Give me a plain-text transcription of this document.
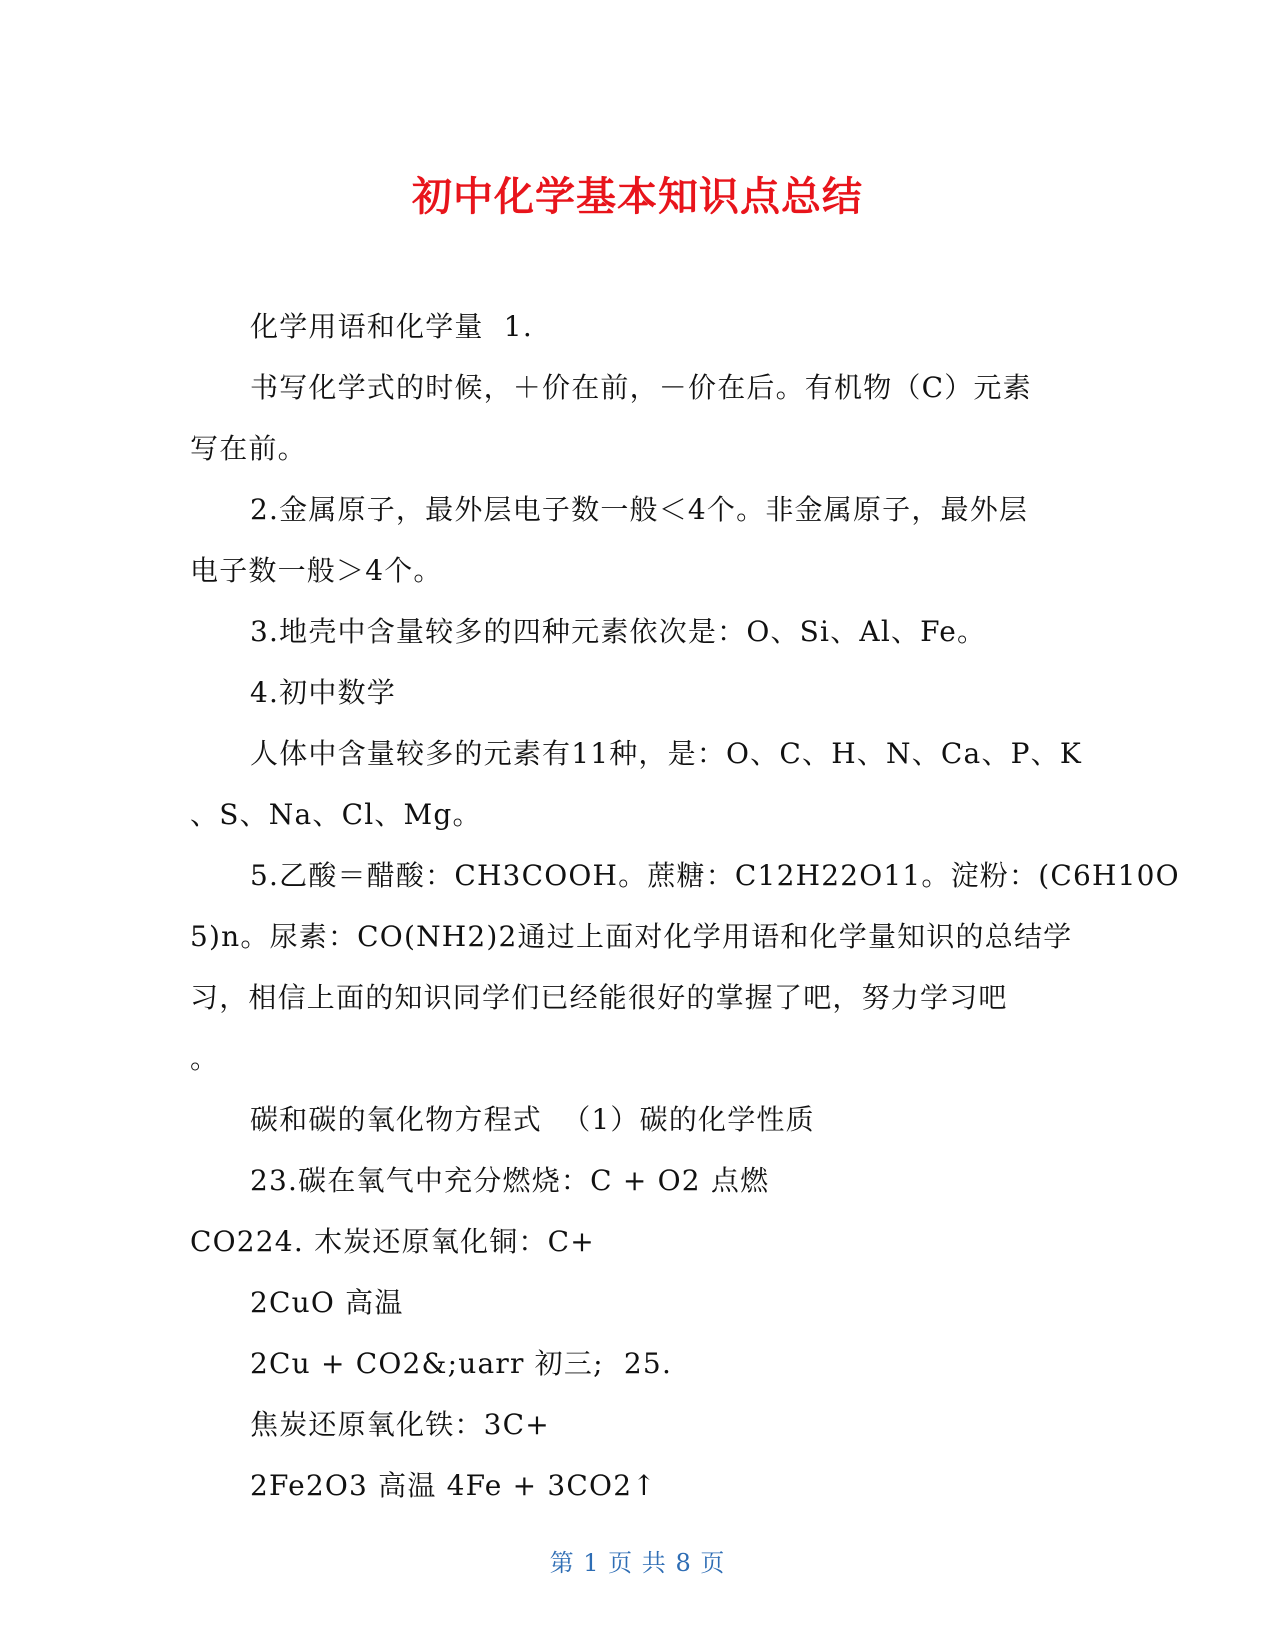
初中化学基本知识点总结
化学用语和化学量  1.
书写化学式的时候，＋价在前，－价在后。有机物（C）元素
写在前。
2.金属原子，最外层电子数一般＜4个。非金属原子，最外层
电子数一般＞4个。
3.地壳中含量较多的四种元素依次是：O、Si、Al、Fe。
4.初中数学
人体中含量较多的元素有11种，是：O、C、H、N、Ca、P、K
、S、Na、Cl、Mg。
5.乙酸＝醋酸：CH3COOH。蔗糖：C12H22O11。淀粉：(C6H10O
5)n。尿素：CO(NH2)2通过上面对化学用语和化学量知识的总结学
习，相信上面的知识同学们已经能很好的掌握了吧，努力学习吧
。
碳和碳的氧化物方程式  （1）碳的化学性质
23.碳在氧气中充分燃烧：C + O2 点燃
CO224. 木炭还原氧化铜：C+
2CuO 高温
2Cu + CO2&;uarr 初三;  25.
焦炭还原氧化铁：3C+
2Fe2O3 高温 4Fe + 3CO2↑
第 1 页 共 8 页
